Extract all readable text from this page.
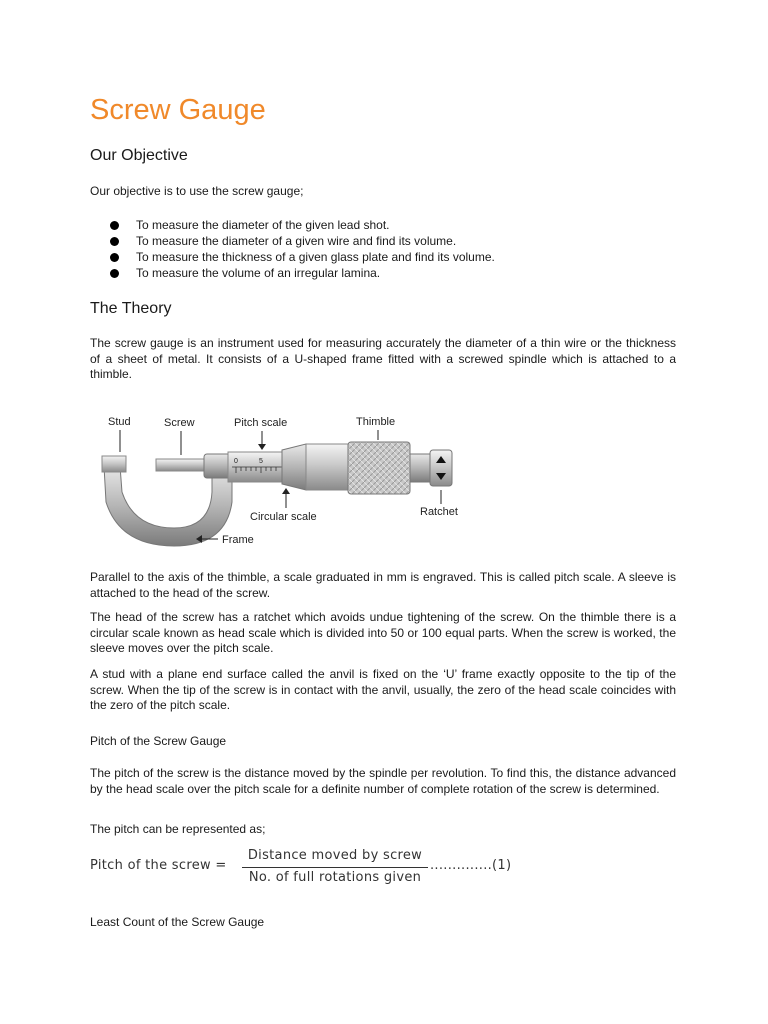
Screw Gauge
Our Objective

Our objective is to use the screw gauge;

To measure the diameter of the given lead shot.
To measure the diameter of a given wire and find its volume.
To measure the thickness of a given glass plate and find its volume.
To measure the volume of an irregular lamina.
The Theory

The screw gauge is an instrument used for measuring accurately the diameter of a thin wire or the thickness of a sheet of metal. It consists of a U-shaped frame fitted with a screwed spindle which is attached to a thimble.

0	5
Stud	Screw	Pitch scale	Thimble
Circular scale	Ratchet
Frame

Parallel to the axis of the thimble, a scale graduated in mm is engraved. This is called pitch scale. A sleeve is attached to the head of the screw.

The head of the screw has a ratchet which avoids undue tightening of the screw. On the thimble there is a circular scale known as head scale which is divided into 50 or 100 equal parts. When the screw is worked, the sleeve moves over the pitch scale.

A stud with a plane end surface called the anvil is fixed on the ‘U’ frame exactly opposite to the tip of the screw. When the tip of the screw is in contact with the anvil, usually, the zero of the head scale coincides with the zero of the pitch scale.

Pitch of the Screw Gauge

The pitch of the screw is the distance moved by the spindle per revolution. To find this, the distance advanced by the head scale over the pitch scale for a definite number of complete rotation of the screw is determined.

The pitch can be represented as;

Pitch of the screw =
Distance moved by screw
No. of full rotations given
..............(1)
Least Count of the Screw Gauge
